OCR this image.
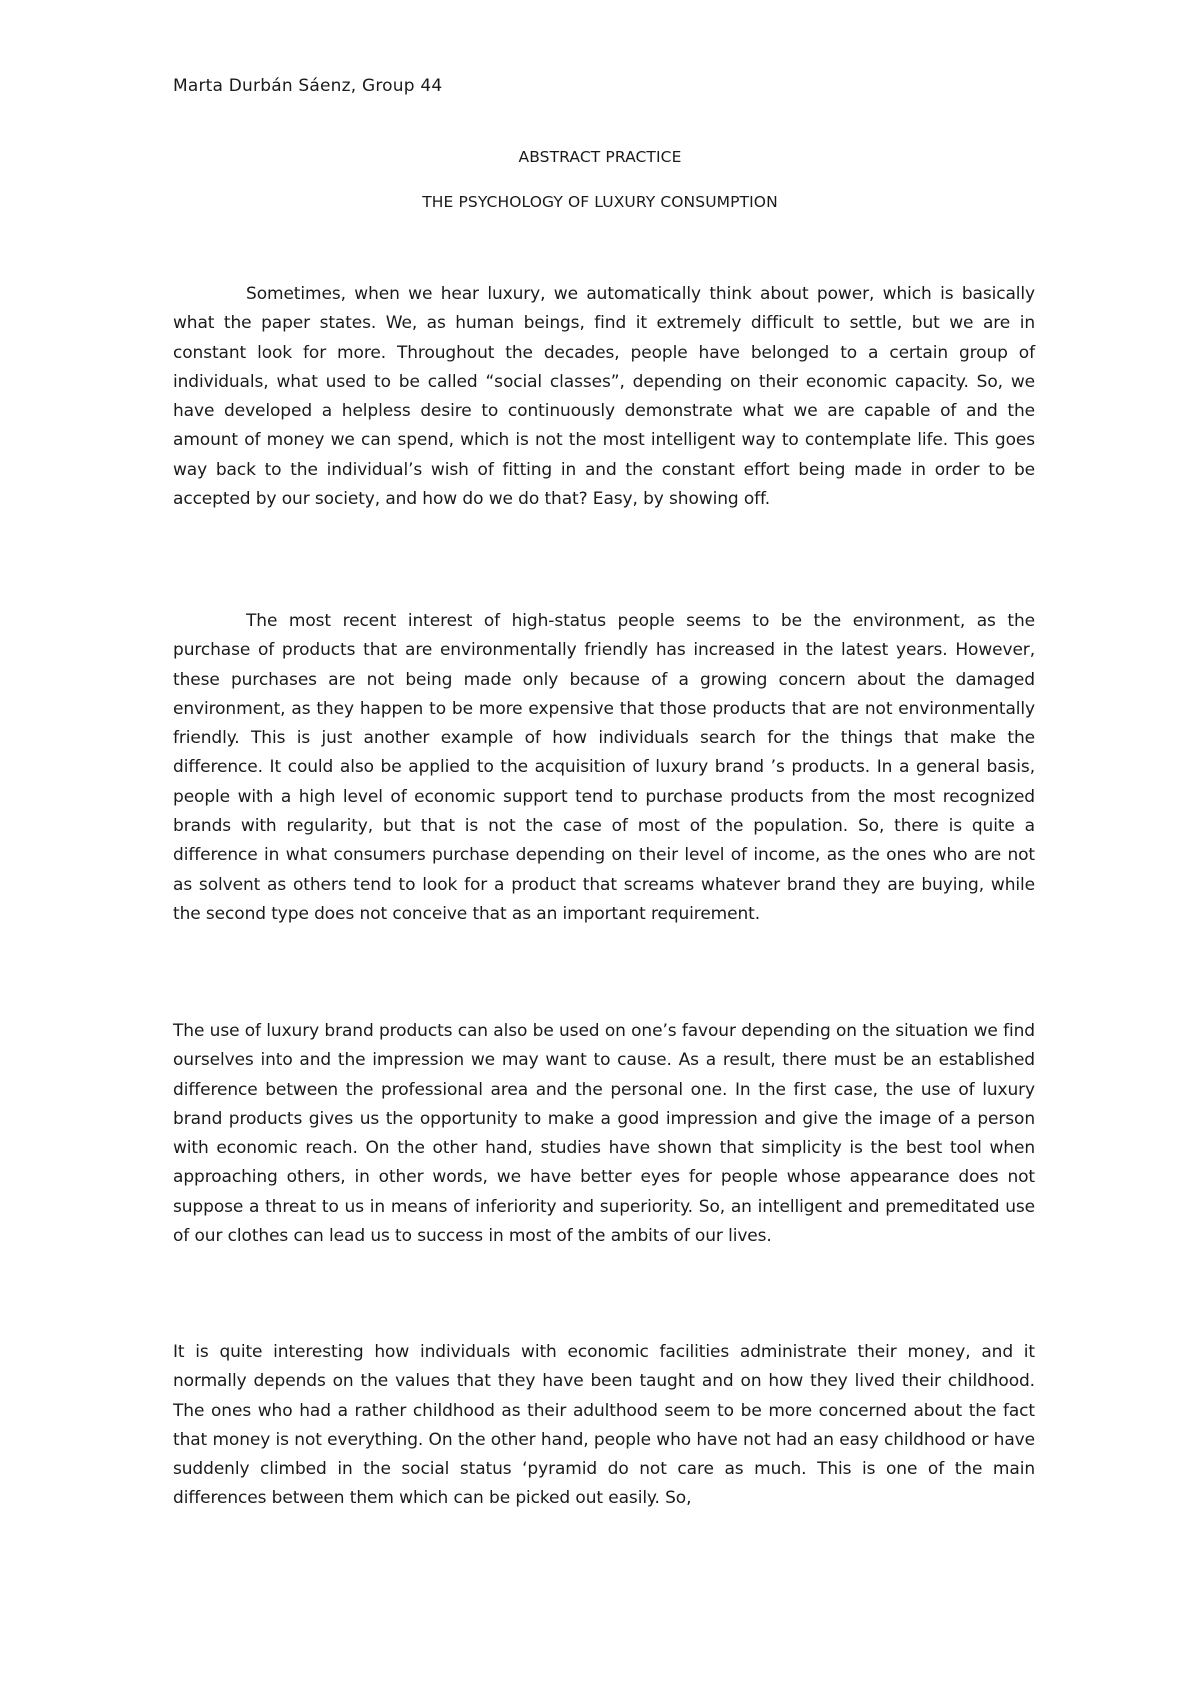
Marta Durbán Sáenz, Group 44
ABSTRACT PRACTICE
THE PSYCHOLOGY OF LUXURY CONSUMPTION
Sometimes, when we hear luxury, we automatically think about power, which is basically what the paper states. We, as human beings, find it extremely difficult to settle, but we are in constant look for more. Throughout the decades, people have belonged to a certain group of individuals, what used to be called “social classes”, depending on their economic capacity. So, we have developed a helpless desire to continuously demonstrate what we are capable of and the amount of money we can spend, which is not the most intelligent way to contemplate life. This goes way back to the individual’s wish of fitting in and the constant effort being made in order to be accepted by our society, and how do we do that? Easy, by showing off.
The most recent interest of high-status people seems to be the environment, as the purchase of products that are environmentally friendly has increased in the latest years. However, these purchases are not being made only because of a growing concern about the damaged environment, as they happen to be more expensive that those products that are not environmentally friendly. This is just another example of how individuals search for the things that make the difference. It could also be applied to the acquisition of luxury brand ’s products. In a general basis, people with a high level of economic support tend to purchase products from the most recognized brands with regularity, but that is not the case of most of the population. So, there is quite a difference in what consumers purchase depending on their level of income, as the ones who are not as solvent as others tend to look for a product that screams whatever brand they are buying, while the second type does not conceive that as an important requirement.
The use of luxury brand products can also be used on one’s favour depending on the situation we find ourselves into and the impression we may want to cause. As a result, there must be an established difference between the professional area and the personal one. In the first case, the use of luxury brand products gives us the opportunity to make a good impression and give the image of a person with economic reach. On the other hand, studies have shown that simplicity is the best tool when approaching others, in other words, we have better eyes for people whose appearance does not suppose a threat to us in means of inferiority and superiority. So, an intelligent and premeditated use of our clothes can lead us to success in most of the ambits of our lives.
It is quite interesting how individuals with economic facilities administrate their money, and it normally depends on the values that they have been taught and on how they lived their childhood. The ones who had a rather childhood as their adulthood seem to be more concerned about the fact that money is not everything. On the other hand, people who have not had an easy childhood or have suddenly climbed in the social status ‘pyramid do not care as much. This is one of the main differences between them which can be picked out easily. So,
